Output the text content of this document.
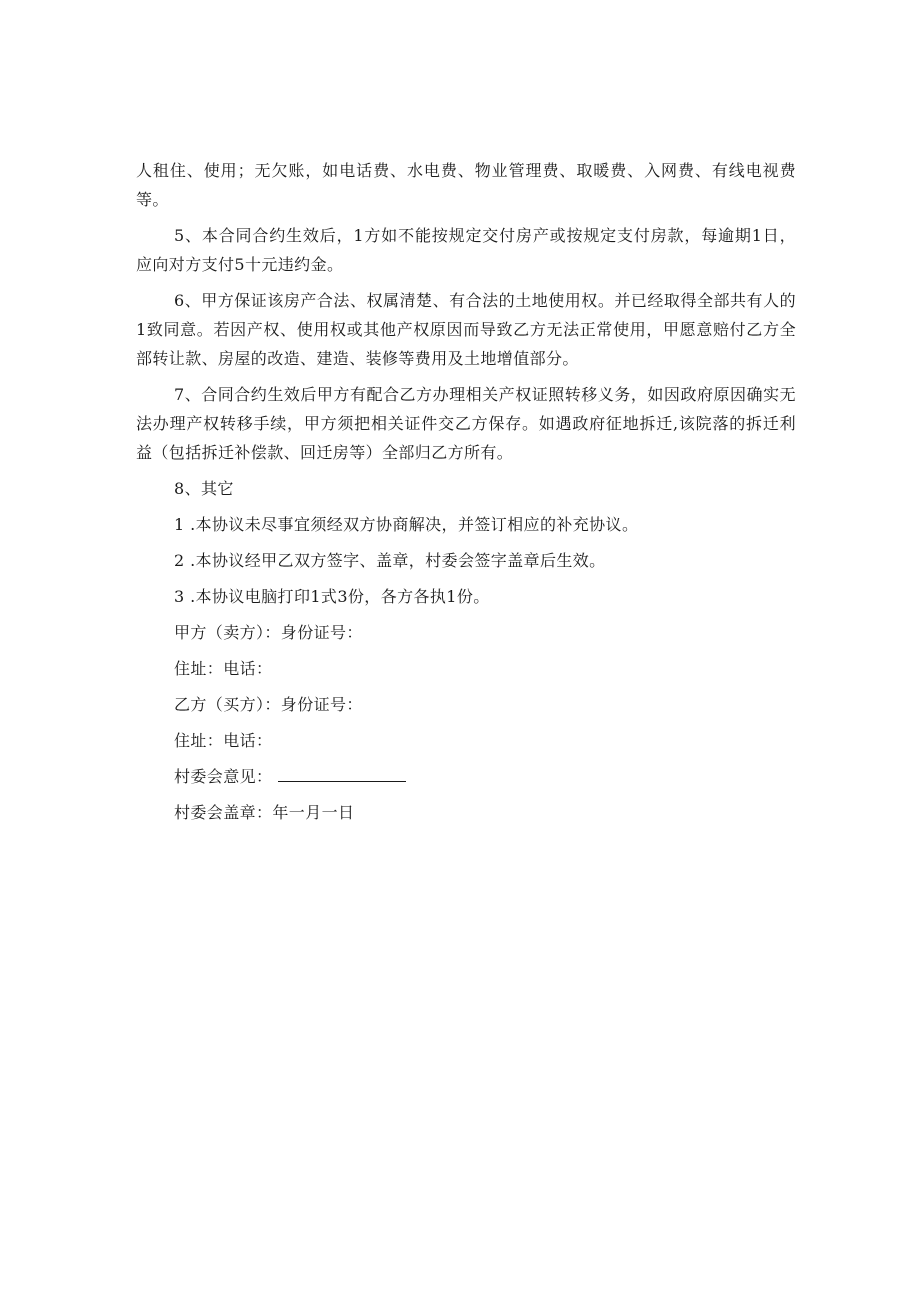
人租住、使用；无欠账，如电话费、水电费、物业管理费、取暖费、入网费、有线电视费等。

5、本合同合约生效后，1方如不能按规定交付房产或按规定支付房款，每逾期1日，应向对方支付5十元违约金。

6、甲方保证该房产合法、权属清楚、有合法的土地使用权。并已经取得全部共有人的1致同意。若因产权、使用权或其他产权原因而导致乙方无法正常使用，甲愿意赔付乙方全部转让款、房屋的改造、建造、装修等费用及土地增值部分。

7、合同合约生效后甲方有配合乙方办理相关产权证照转移义务，如因政府原因确实无法办理产权转移手续，甲方须把相关证件交乙方保存。如遇政府征地拆迁,该院落的拆迁利益（包括拆迁补偿款、回迁房等）全部归乙方所有。

8、其它
1 .本协议未尽事宜须经双方协商解决，并签订相应的补充协议。
2 .本协议经甲乙双方签字、盖章，村委会签字盖章后生效。
3 .本协议电脑打印1式3份，各方各执1份。
甲方（卖方）：身份证号：
住址：电话：
乙方（买方）：身份证号：
住址：电话：
村委会意见：
村委会盖章：年一月一日
